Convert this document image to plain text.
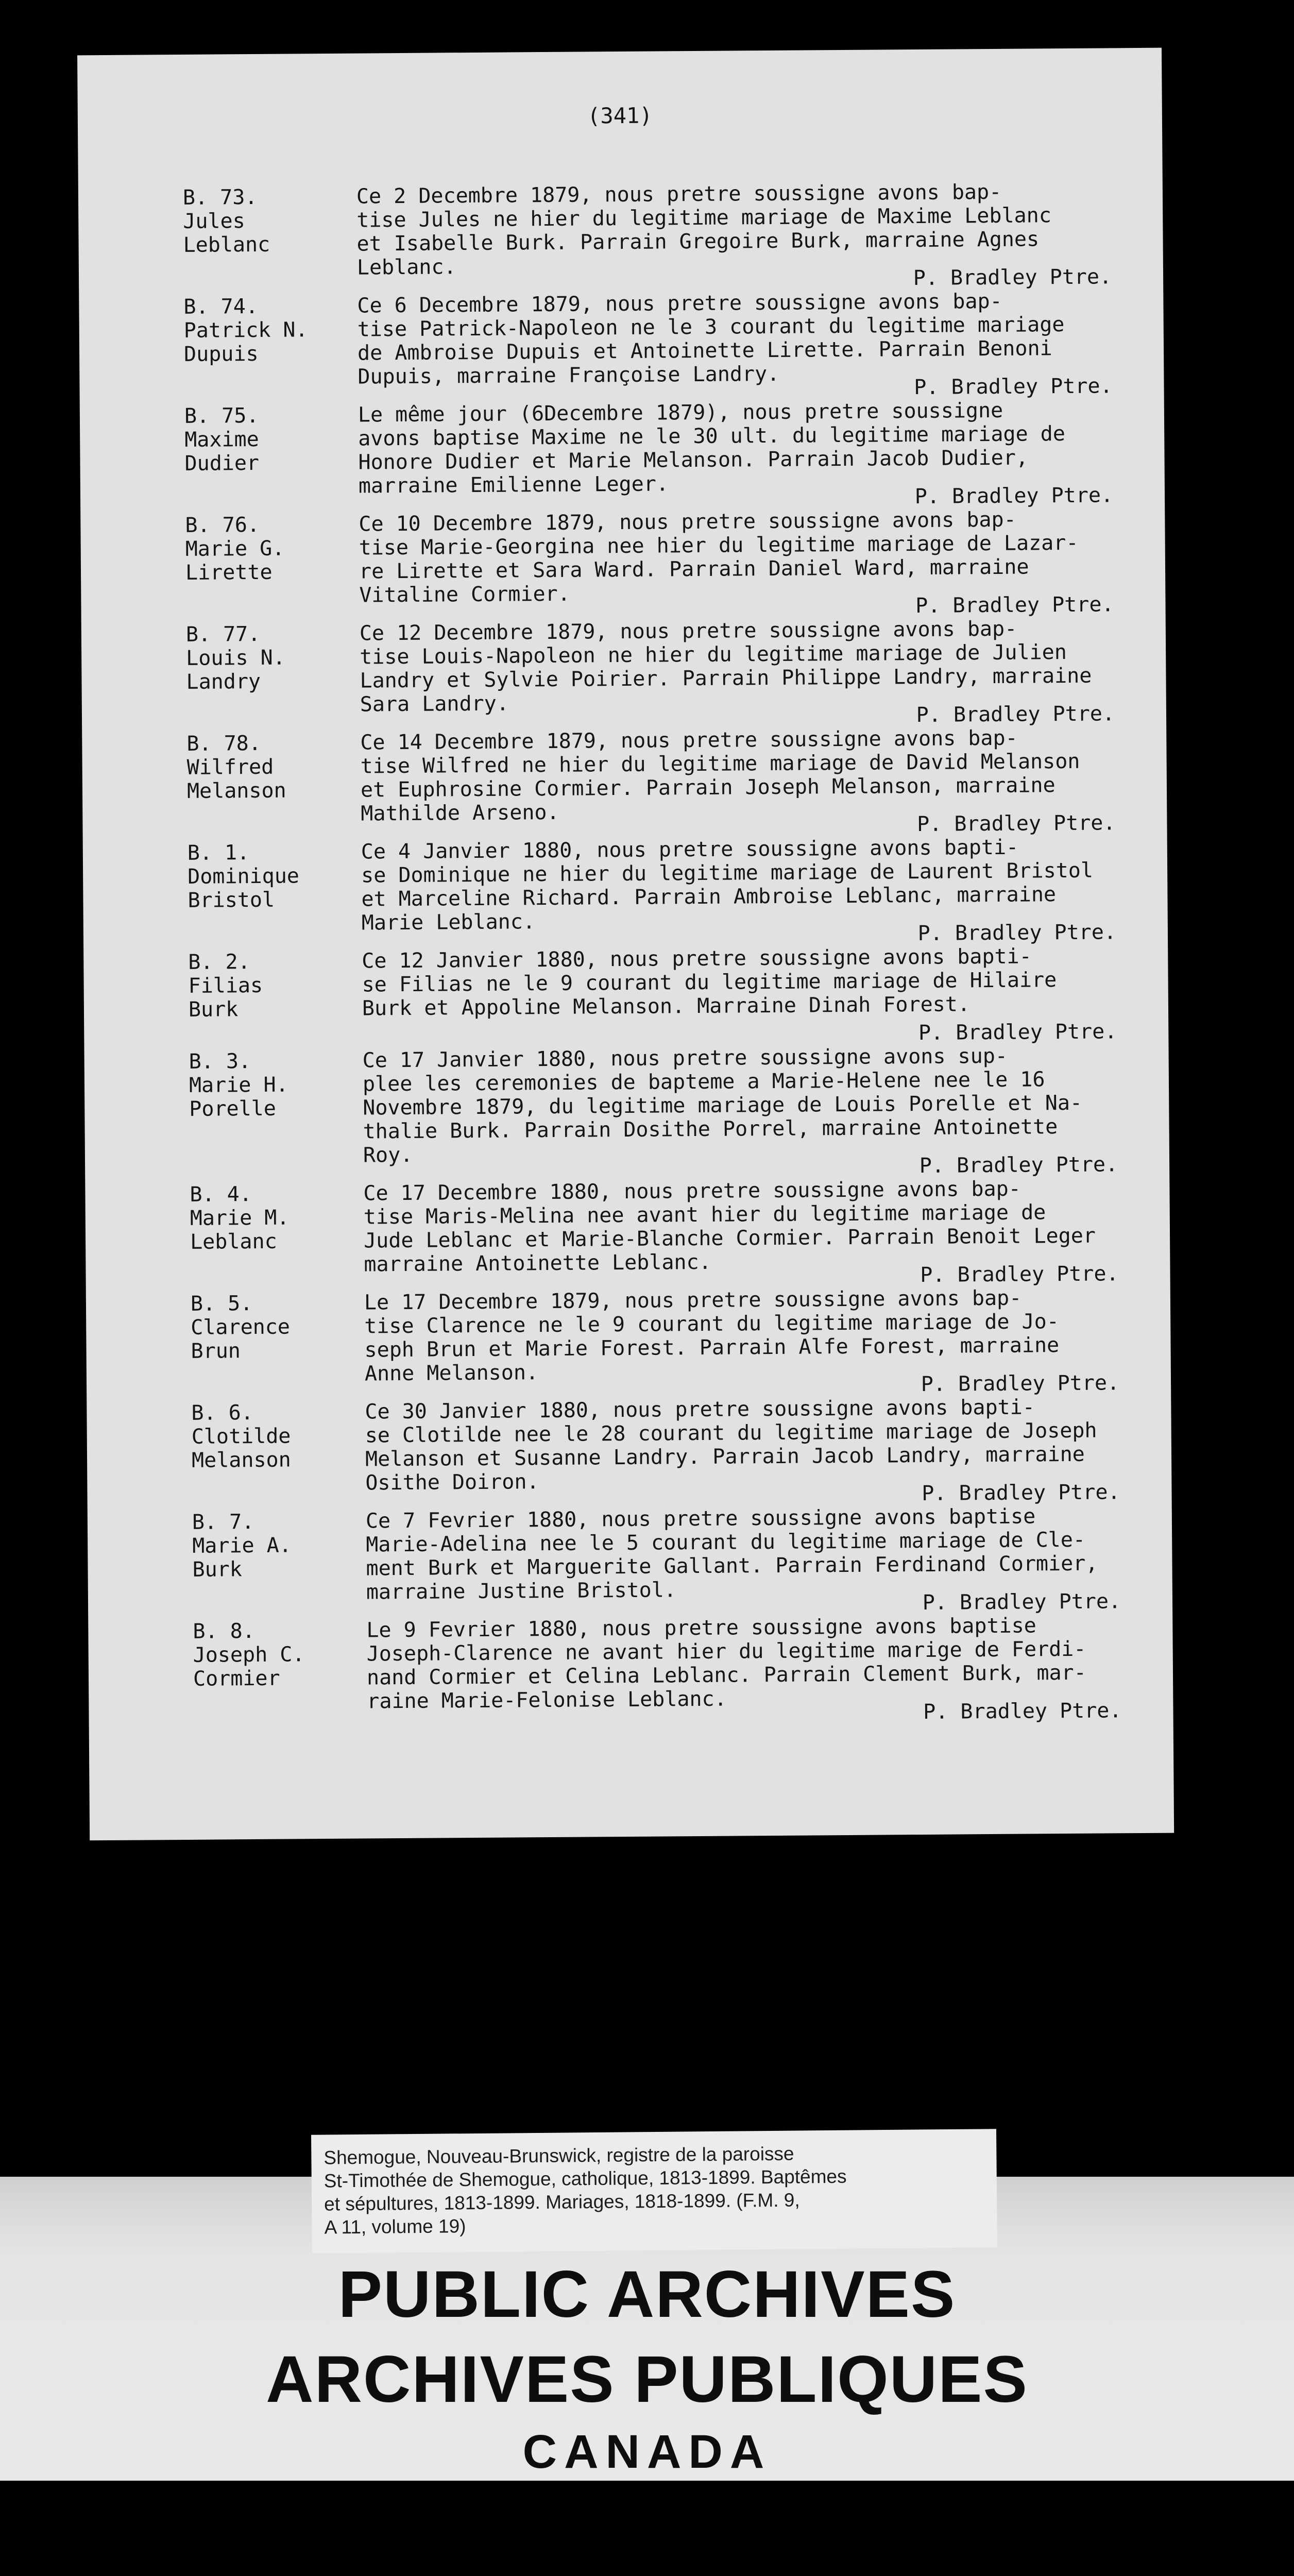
(341)
B. 73.
Jules
Leblanc
Ce 2 Decembre 1879, nous pretre soussigne avons bap-
tise Jules ne hier du legitime mariage de Maxime Leblanc
et Isabelle Burk. Parrain Gregoire Burk, marraine Agnes
Leblanc.	P. Bradley Ptre.
B. 74.
Patrick N.
Dupuis
Ce 6 Decembre 1879, nous pretre soussigne avons bap-
tise Patrick-Napoleon ne le 3 courant du legitime mariage
de Ambroise Dupuis et Antoinette Lirette. Parrain Benoni
Dupuis, marraine Françoise Landry.	P. Bradley Ptre.
B. 75.
Maxime
Dudier
Le même jour (6Decembre 1879), nous pretre soussigne
avons baptise Maxime ne le 30 ult. du legitime mariage de
Honore Dudier et Marie Melanson. Parrain Jacob Dudier,
marraine Emilienne Leger.	P. Bradley Ptre.
B. 76.
Marie G.
Lirette
Ce 10 Decembre 1879, nous pretre soussigne avons bap-
tise Marie-Georgina nee hier du legitime mariage de Lazar-
re Lirette et Sara Ward. Parrain Daniel Ward, marraine
Vitaline Cormier.	P. Bradley Ptre.
B. 77.
Louis N.
Landry
Ce 12 Decembre 1879, nous pretre soussigne avons bap-
tise Louis-Napoleon ne hier du legitime mariage de Julien
Landry et Sylvie Poirier. Parrain Philippe Landry, marraine
Sara Landry.	P. Bradley Ptre.
B. 78.
Wilfred
Melanson
Ce 14 Decembre 1879, nous pretre soussigne avons bap-
tise Wilfred ne hier du legitime mariage de David Melanson
et Euphrosine Cormier. Parrain Joseph Melanson, marraine
Mathilde Arseno.	P. Bradley Ptre.
B. 1.
Dominique
Bristol
Ce 4 Janvier 1880, nous pretre soussigne avons bapti-
se Dominique ne hier du legitime mariage de Laurent Bristol
et Marceline Richard. Parrain Ambroise Leblanc, marraine
Marie Leblanc.	P. Bradley Ptre.
B. 2.
Filias
Burk
Ce 12 Janvier 1880, nous pretre soussigne avons bapti-
se Filias ne le 9 courant du legitime mariage de Hilaire
Burk et Appoline Melanson. Marraine Dinah Forest.
P. Bradley Ptre.
B. 3.
Marie H.
Porelle
Ce 17 Janvier 1880, nous pretre soussigne avons sup-
plee les ceremonies de bapteme a Marie-Helene nee le 16
Novembre 1879, du legitime mariage de Louis Porelle et Na-
thalie Burk. Parrain Dosithe Porrel, marraine Antoinette
Roy.	P. Bradley Ptre.
B. 4.
Marie M.
Leblanc
Ce 17 Decembre 1880, nous pretre soussigne avons bap-
tise Maris-Melina nee avant hier du legitime mariage de
Jude Leblanc et Marie-Blanche Cormier. Parrain Benoit Leger
marraine Antoinette Leblanc.	P. Bradley Ptre.
B. 5.
Clarence
Brun
Le 17 Decembre 1879, nous pretre soussigne avons bap-
tise Clarence ne le 9 courant du legitime mariage de Jo-
seph Brun et Marie Forest. Parrain Alfe Forest, marraine
Anne Melanson.	P. Bradley Ptre.
B. 6.
Clotilde
Melanson
Ce 30 Janvier 1880, nous pretre soussigne avons bapti-
se Clotilde nee le 28 courant du legitime mariage de Joseph
Melanson et Susanne Landry. Parrain Jacob Landry, marraine
Osithe Doiron.	P. Bradley Ptre.
B. 7.
Marie A.
Burk
Ce 7 Fevrier 1880, nous pretre soussigne avons baptise
Marie-Adelina nee le 5 courant du legitime mariage de Cle-
ment Burk et Marguerite Gallant. Parrain Ferdinand Cormier,
marraine Justine Bristol.	P. Bradley Ptre.
B. 8.
Joseph C.
Cormier
Le 9 Fevrier 1880, nous pretre soussigne avons baptise
Joseph-Clarence ne avant hier du legitime marige de Ferdi-
nand Cormier et Celina Leblanc. Parrain Clement Burk, mar-
raine Marie-Felonise Leblanc.	P. Bradley Ptre.
PUBLIC ARCHIVES
ARCHIVES PUBLIQUES
CANADA
Shemogue, Nouveau-Brunswick, registre de la paroisse
St-Timothée de Shemogue, catholique, 1813-1899. Baptêmes
et sépultures, 1813-1899. Mariages, 1818-1899. (F.M. 9,
A 11, volume 19)
